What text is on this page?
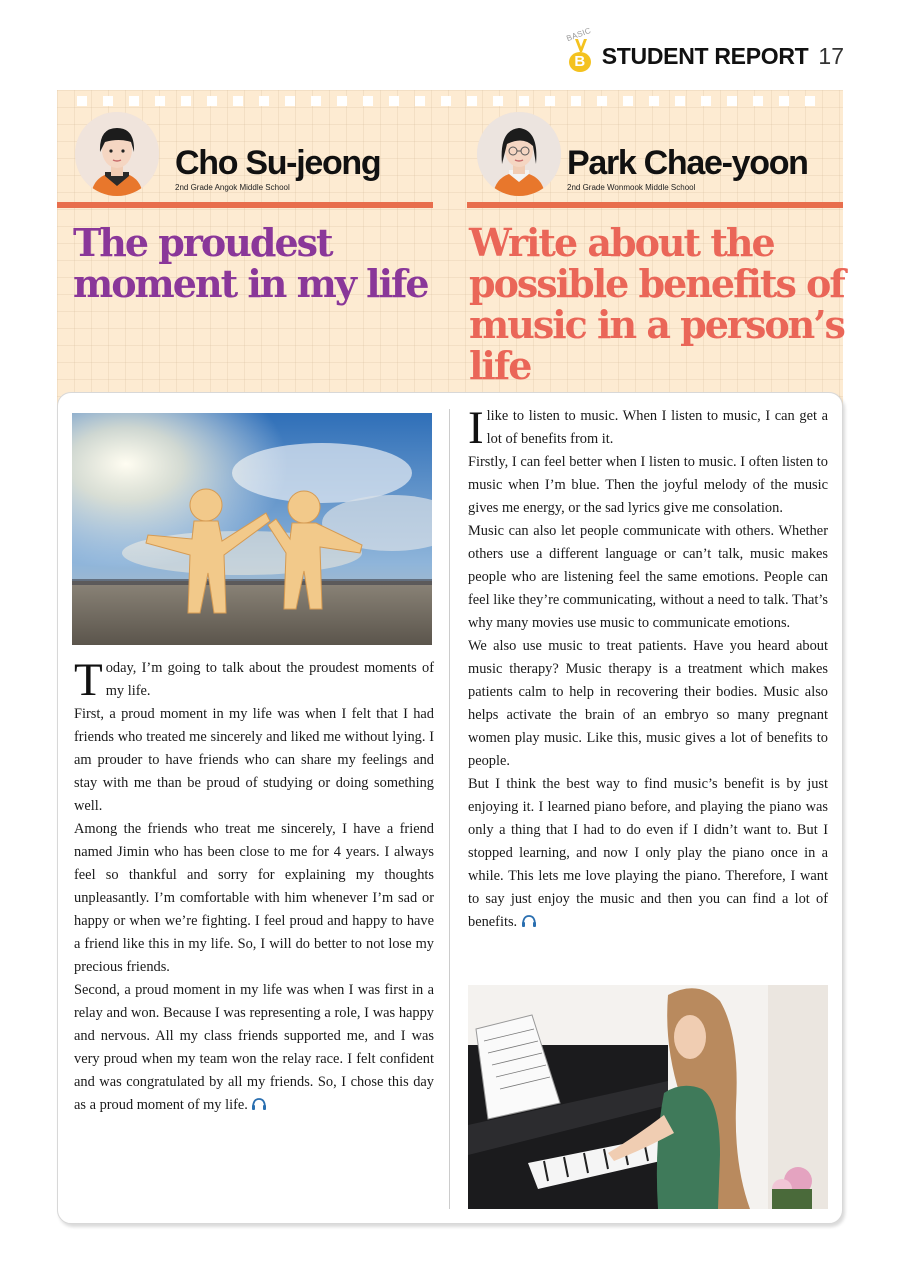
BASIC
B STUDENT REPORT 17
Cho Su-jeong
2nd Grade Angok Middle School
The proudest moment in my life
Park Chae-yoon
2nd Grade Wonmook Middle School
Write about the possible benefits of music in a person’s life

Today, I’m going to talk about the proudest moments of my life.

First, a proud moment in my life was when I felt that I had friends who treated me sincerely and liked me without lying. I am prouder to have friends who can share my feelings and stay with me than be proud of studying or doing something well.

Among the friends who treat me sincerely, I have a friend named Jimin who has been close to me for 4 years. I always feel so thankful and sorry for explaining my thoughts unpleasantly. I’m comfortable with him whenever I’m sad or happy or when we’re fighting. I feel proud and happy to have a friend like this in my life. So, I will do better to not lose my precious friends.

Second, a proud moment in my life was when I was first in a relay and won. Because I was representing a role, I was happy and nervous. All my class friends supported me, and I was very proud when my team won the relay race. I felt confident and was congratulated by all my friends. So, I chose this day as a proud moment of my life.

Ilike to listen to music. When I listen to music, I can get a lot of benefits from it.

Firstly, I can feel better when I listen to music. I often listen to music when I’m blue. Then the joyful melody of the music gives me energy, or the sad lyrics give me consolation.

Music can also let people communicate with others. Whether others use a different language or can’t talk, music makes people who are listening feel the same emotions. People can feel like they’re communicating, without a need to talk. That’s why many movies use music to communicate emotions.

We also use music to treat patients. Have you heard about music therapy? Music therapy is a treatment which makes patients calm to help in recovering their bodies. Music also helps activate the brain of an embryo so many pregnant women play music. Like this, music gives a lot of benefits to people.

But I think the best way to find music’s benefit is by just enjoying it. I learned piano before, and playing the piano was only a thing that I had to do even if I didn’t want to. But I stopped learning, and now I only play the piano once in a while. This lets me love playing the piano. Therefore, I want to say just enjoy the music and then you can find a lot of benefits.
